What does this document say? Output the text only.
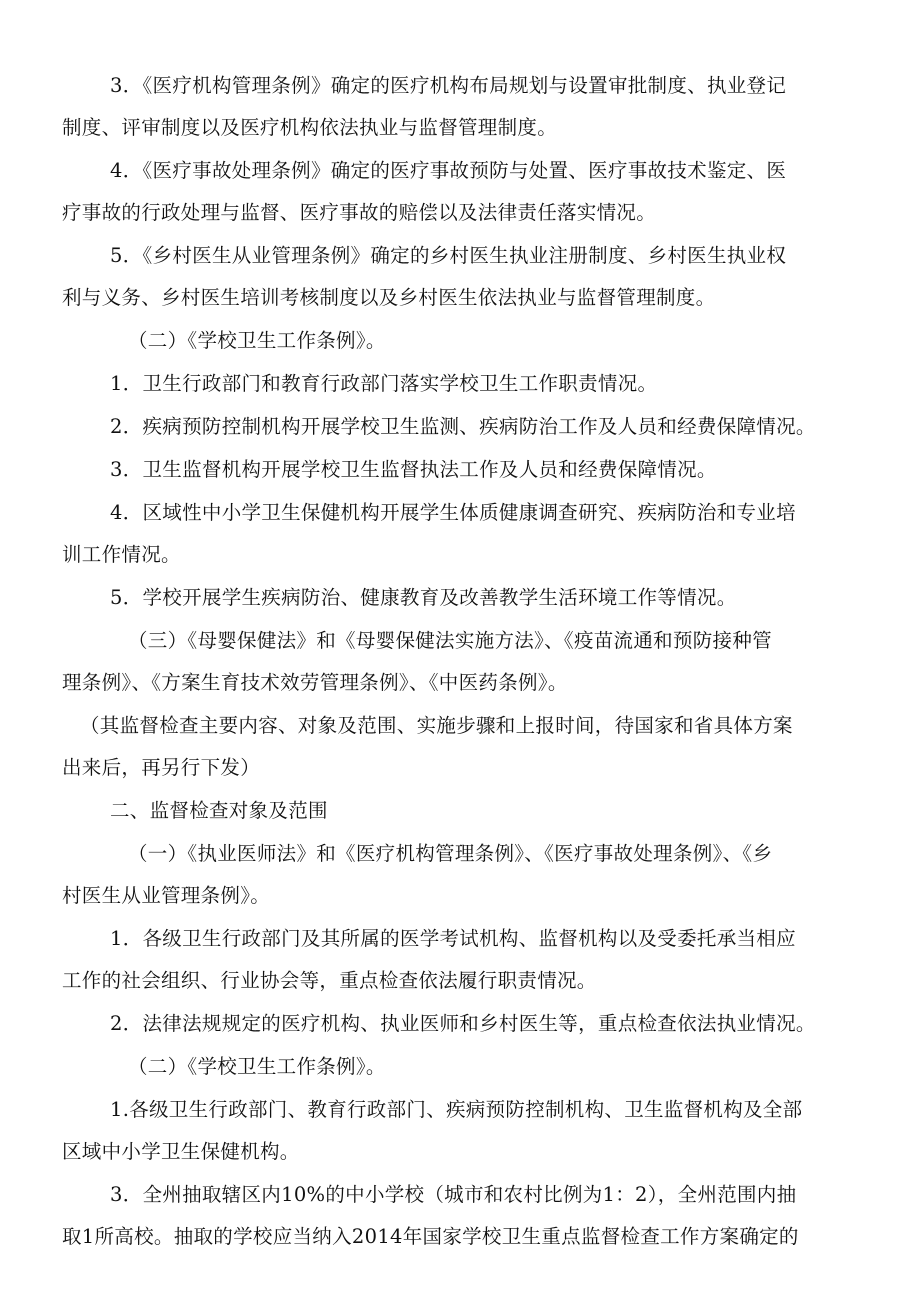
3．《医疗机构管理条例》确定的医疗机构布局规划与设置审批制度、执业登记
制度、评审制度以及医疗机构依法执业与监督管理制度。
4．《医疗事故处理条例》确定的医疗事故预防与处置、医疗事故技术鉴定、医
疗事故的行政处理与监督、医疗事故的赔偿以及法律责任落实情况。
5．《乡村医生从业管理条例》确定的乡村医生执业注册制度、乡村医生执业权
利与义务、乡村医生培训考核制度以及乡村医生依法执业与监督管理制度。
（二）《学校卫生工作条例》。
1．卫生行政部门和教育行政部门落实学校卫生工作职责情况。
2．疾病预防控制机构开展学校卫生监测、疾病防治工作及人员和经费保障情况。
3．卫生监督机构开展学校卫生监督执法工作及人员和经费保障情况。
4．区域性中小学卫生保健机构开展学生体质健康调查研究、疾病防治和专业培
训工作情况。
5．学校开展学生疾病防治、健康教育及改善教学生活环境工作等情况。
（三）《母婴保健法》和《母婴保健法实施方法》、《疫苗流通和预防接种管
理条例》、《方案生育技术效劳管理条例》、《中医药条例》。
（其监督检查主要内容、对象及范围、实施步骤和上报时间，待国家和省具体方案
出来后，再另行下发）
二、监督检查对象及范围
（一）《执业医师法》和《医疗机构管理条例》、《医疗事故处理条例》、《乡
村医生从业管理条例》。
1．各级卫生行政部门及其所属的医学考试机构、监督机构以及受委托承当相应
工作的社会组织、行业协会等，重点检查依法履行职责情况。
2．法律法规规定的医疗机构、执业医师和乡村医生等，重点检查依法执业情况。
（二）《学校卫生工作条例》。
1.各级卫生行政部门、教育行政部门、疾病预防控制机构、卫生监督机构及全部
区域中小学卫生保健机构。
3．全州抽取辖区内10%的中小学校（城市和农村比例为1：2），全州范围内抽
取1所高校。抽取的学校应当纳入2014年国家学校卫生重点监督检查工作方案确定的
